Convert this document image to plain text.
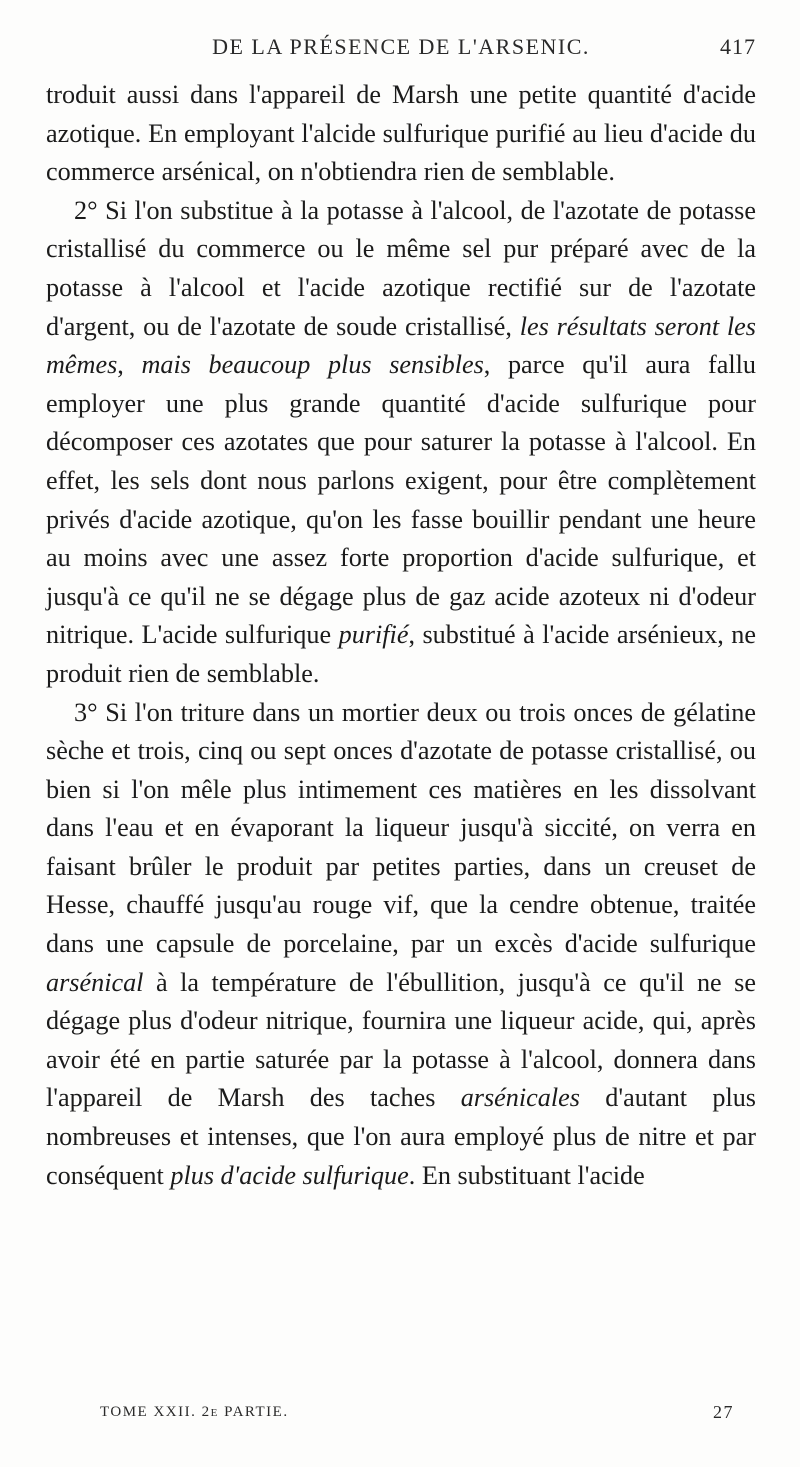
DE LA PRÉSENCE DE L'ARSENIC.	417

troduit aussi dans l'appareil de Marsh une petite quantité d'acide azotique. En employant l'alcide sulfurique purifié au lieu d'acide du commerce arsénical, on n'obtiendra rien de semblable.

2° Si l'on substitue à la potasse à l'alcool, de l'azotate de potasse cristallisé du commerce ou le même sel pur préparé avec de la potasse à l'alcool et l'acide azotique rectifié sur de l'azotate d'argent, ou de l'azotate de soude cristallisé, les résultats seront les mêmes, mais beaucoup plus sensibles, parce qu'il aura fallu employer une plus grande quantité d'acide sulfurique pour décomposer ces azotates que pour saturer la potasse à l'alcool. En effet, les sels dont nous parlons exigent, pour être complètement privés d'acide azotique, qu'on les fasse bouillir pendant une heure au moins avec une assez forte proportion d'acide sulfurique, et jusqu'à ce qu'il ne se dégage plus de gaz acide azoteux ni d'odeur nitrique. L'acide sulfurique purifié, substitué à l'acide arsénieux, ne produit rien de semblable.

3° Si l'on triture dans un mortier deux ou trois onces de gélatine sèche et trois, cinq ou sept onces d'azotate de potasse cristallisé, ou bien si l'on mêle plus intimement ces matières en les dissolvant dans l'eau et en évaporant la liqueur jusqu'à siccité, on verra en faisant brûler le produit par petites parties, dans un creuset de Hesse, chauffé jusqu'au rouge vif, que la cendre obtenue, traitée dans une capsule de porcelaine, par un excès d'acide sulfurique arsénical à la température de l'ébullition, jusqu'à ce qu'il ne se dégage plus d'odeur nitrique, fournira une liqueur acide, qui, après avoir été en partie saturée par la potasse à l'alcool, donnera dans l'appareil de Marsh des taches arsénicales d'autant plus nombreuses et intenses, que l'on aura employé plus de nitre et par conséquent plus d'acide sulfurique. En substituant l'acide

TOME XXII. 2e PARTIE.	27
